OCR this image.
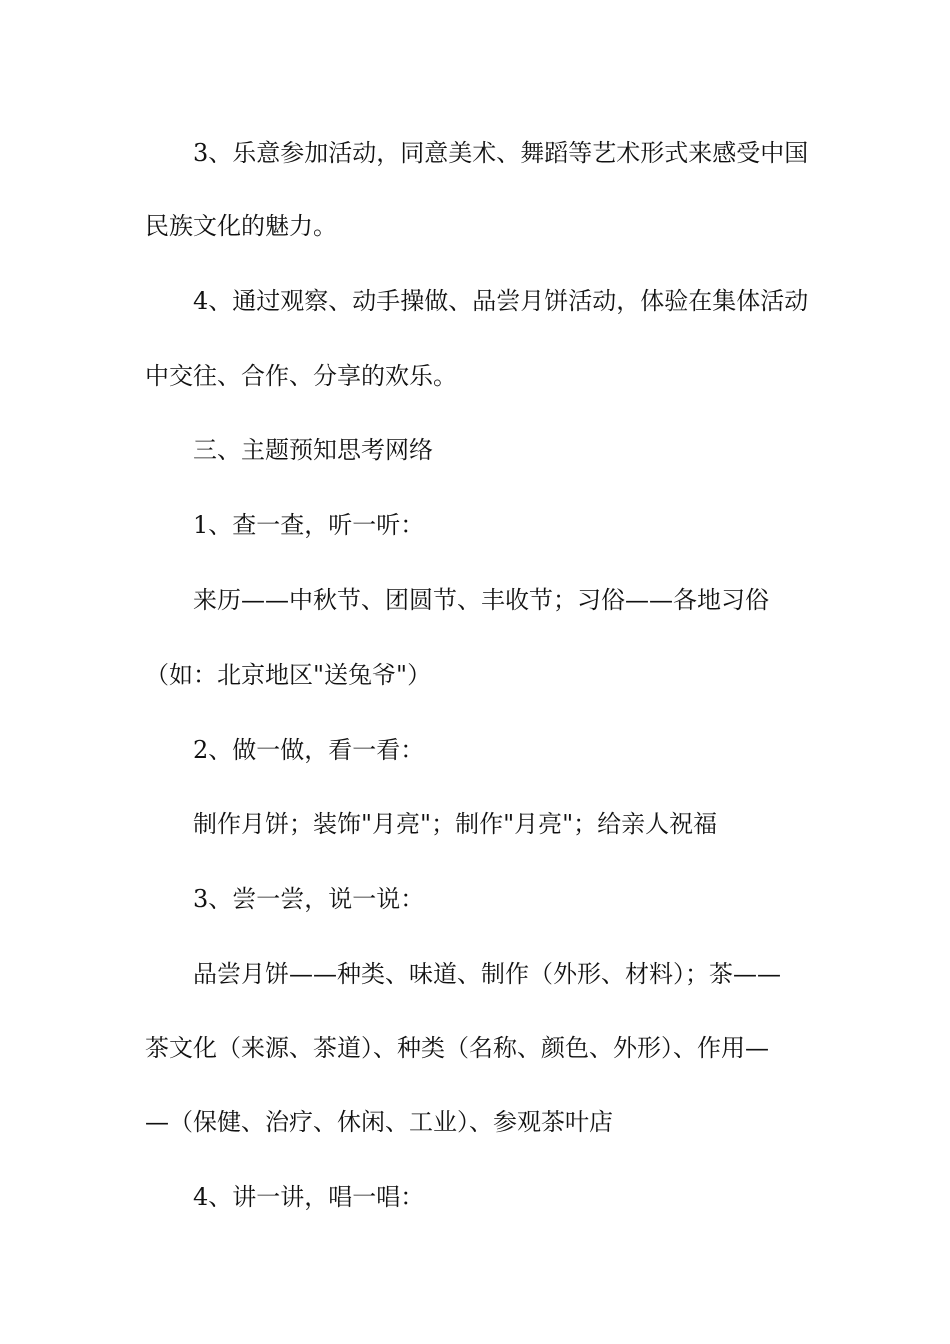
3、乐意参加活动，同意美术、舞蹈等艺术形式来感受中国
民族文化的魅力。
4、通过观察、动手操做、品尝月饼活动，体验在集体活动
中交往、合作、分享的欢乐。
三、主题预知思考网络
1、查一查，听一听：
来历——中秋节、团圆节、丰收节；习俗——各地习俗
（如：北京地区"送兔爷"）
2、做一做，看一看：
制作月饼；装饰"月亮"；制作"月亮"；给亲人祝福
3、尝一尝，说一说：
品尝月饼——种类、味道、制作（外形、材料）；茶——
茶文化（来源、茶道）、种类（名称、颜色、外形）、作用—
—（保健、治疗、休闲、工业）、参观茶叶店
4、讲一讲，唱一唱：
